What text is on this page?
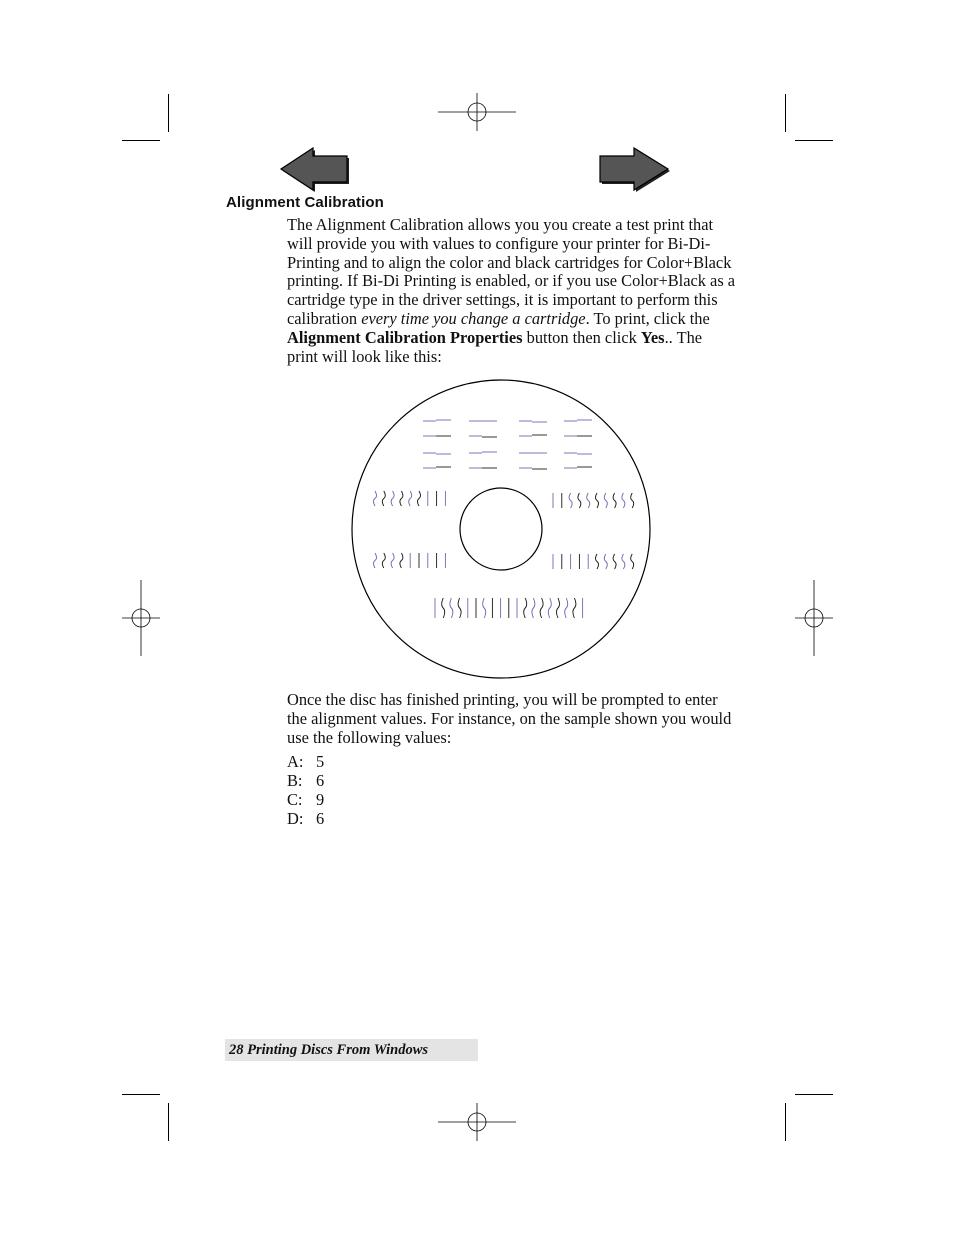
Alignment Calibration

The Alignment Calibration allows you you create a test print that will provide you with values to configure your printer for Bi-Di- Printing and to align the color and black cartridges for Color+Black printing. If Bi-Di Printing is enabled, or if you use Color+Black as a cartridge type in the driver settings, it is important to perform this calibration every time you change a cartridge. To print, click the Alignment Calibration Properties button then click Yes.. The print will look like this:

Once the disc has finished printing, you will be prompted to enter the alignment values. For instance, on the sample shown you would use the following values:

A: 5
B: 6
C: 9
D: 6
28 Printing Discs From Windows
